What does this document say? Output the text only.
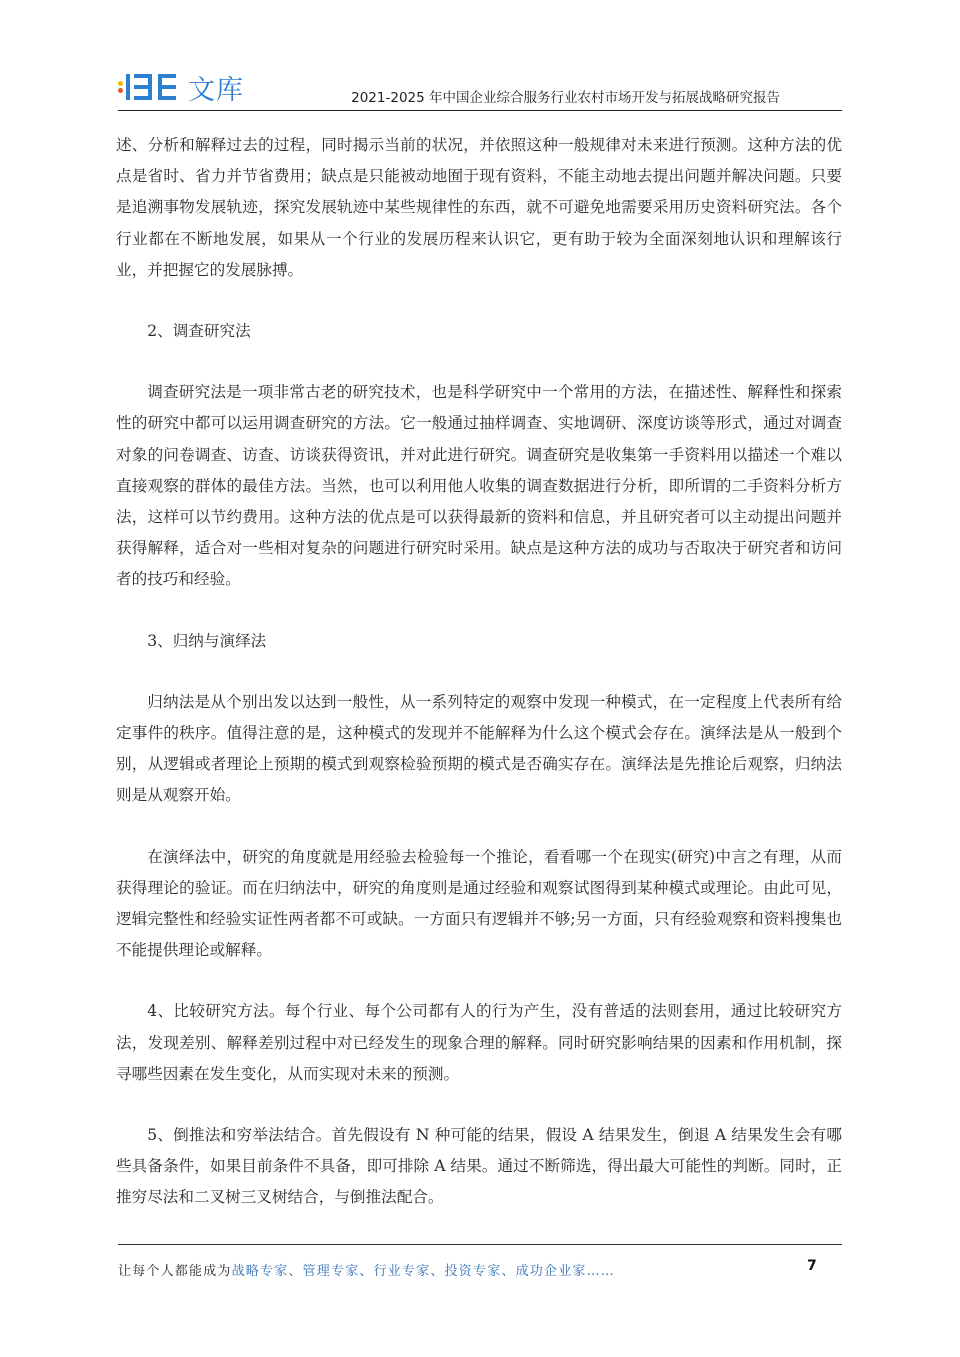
文库	2021-2025 年中国企业综合服务行业农村市场开发与拓展战略研究报告

述、分析和解释过去的过程，同时揭示当前的状况，并依照这种一般规律对未来进行预测。这种方法的优点是省时、省力并节省费用；缺点是只能被动地囿于现有资料，不能主动地去提出问题并解决问题。只要是追溯事物发展轨迹，探究发展轨迹中某些规律性的东西，就不可避免地需要采用历史资料研究法。各个行业都在不断地发展，如果从一个行业的发展历程来认识它，更有助于较为全面深刻地认识和理解该行业，并把握它的发展脉搏。

2、调查研究法

调查研究法是一项非常古老的研究技术，也是科学研究中一个常用的方法，在描述性、解释性和探索性的研究中都可以运用调查研究的方法。它一般通过抽样调查、实地调研、深度访谈等形式，通过对调查对象的问卷调查、访查、访谈获得资讯，并对此进行研究。调查研究是收集第一手资料用以描述一个难以直接观察的群体的最佳方法。当然，也可以利用他人收集的调查数据进行分析，即所谓的二手资料分析方法，这样可以节约费用。这种方法的优点是可以获得最新的资料和信息，并且研究者可以主动提出问题并获得解释，适合对一些相对复杂的问题进行研究时采用。缺点是这种方法的成功与否取决于研究者和访问者的技巧和经验。

3、归纳与演绎法

归纳法是从个别出发以达到一般性，从一系列特定的观察中发现一种模式，在一定程度上代表所有给定事件的秩序。值得注意的是，这种模式的发现并不能解释为什么这个模式会存在。演绎法是从一般到个别，从逻辑或者理论上预期的模式到观察检验预期的模式是否确实存在。演绎法是先推论后观察，归纳法则是从观察开始。

在演绎法中，研究的角度就是用经验去检验每一个推论，看看哪一个在现实(研究)中言之有理，从而获得理论的验证。而在归纳法中，研究的角度则是通过经验和观察试图得到某种模式或理论。由此可见，逻辑完整性和经验实证性两者都不可或缺。一方面只有逻辑并不够;另一方面，只有经验观察和资料搜集也不能提供理论或解释。

4、比较研究方法。每个行业、每个公司都有人的行为产生，没有普适的法则套用，通过比较研究方法，发现差别、解释差别过程中对已经发生的现象合理的解释。同时研究影响结果的因素和作用机制，探寻哪些因素在发生变化，从而实现对未来的预测。

5、倒推法和穷举法结合。首先假设有 N 种可能的结果，假设 A 结果发生，倒退 A 结果发生会有哪些具备条件，如果目前条件不具备，即可排除 A 结果。通过不断筛选，得出最大可能性的判断。同时，正推穷尽法和二叉树三叉树结合，与倒推法配合。

让每个人都能成为战略专家、管理专家、行业专家、投资专家、成功企业家……	7
